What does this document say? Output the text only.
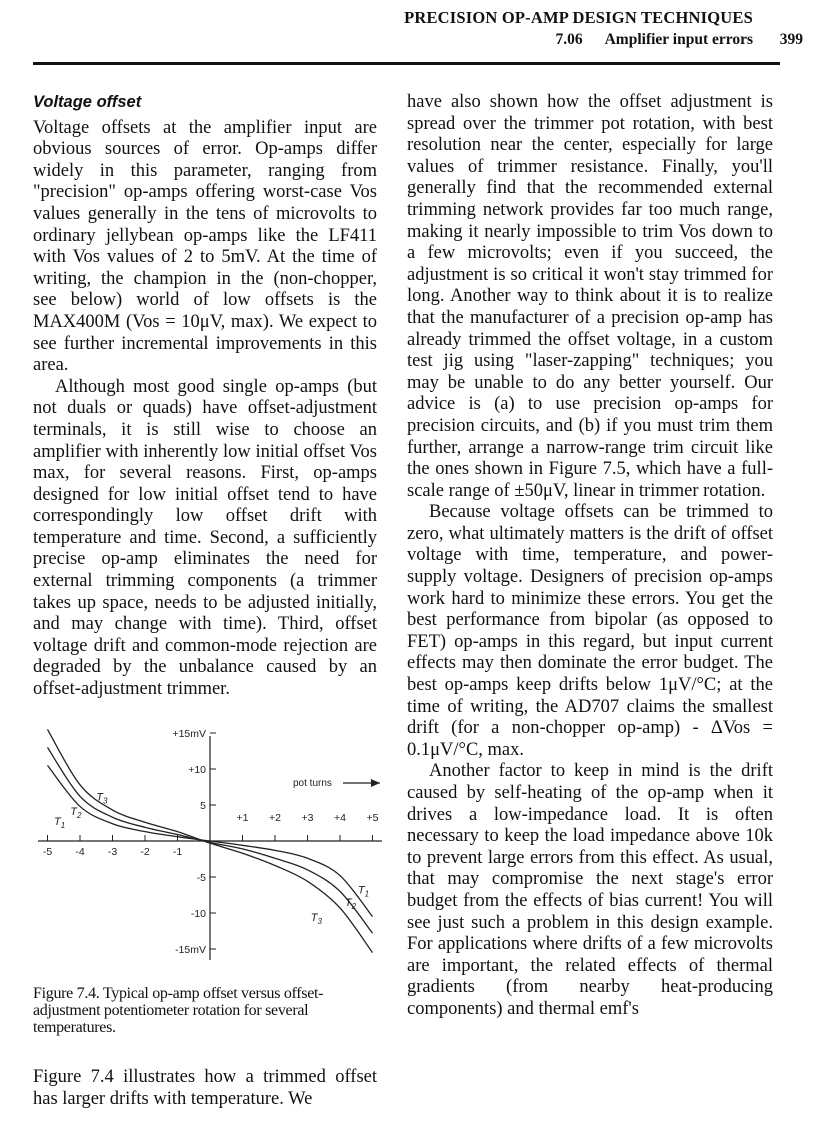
PRECISION OP-AMP DESIGN TECHNIQUES
7.06 Amplifier input errors 399

Voltage offset

Voltage offsets at the amplifier input are obvious sources of error. Op-amps differ widely in this parameter, ranging from "precision" op-amps offering worst-case Vos values generally in the tens of microvolts to ordinary jellybean op-amps like the LF411 with Vos values of 2 to 5mV. At the time of writing, the champion in the (non-chopper, see below) world of low offsets is the MAX400M (Vos = 10μV, max). We expect to see further incremental improvements in this area.

Although most good single op-amps (but not duals or quads) have offset-adjustment terminals, it is still wise to choose an amplifier with inherently low initial offset Vos max, for several reasons. First, op-amps designed for low initial offset tend to have correspondingly low offset drift with temperature and time. Second, a sufficiently precise op-amp eliminates the need for external trimming components (a trimmer takes up space, needs to be adjusted initially, and may change with time). Third, offset voltage drift and common-mode rejection are degraded by the unbalance caused by an offset-adjustment trimmer.

-5 -4 -3 -2 -1
+1 +2 +3 +4 +5
+15mV
+10
5
-5
-10
-15mV
pot turns
$T_1$
$T_1$
$T_2$
$T_2$
$T_3$
$T_3$

Figure 7.4. Typical op-amp offset versus offset-adjustment potentiometer rotation for several temperatures.

Figure 7.4 illustrates how a trimmed offset has larger drifts with temperature. We

have also shown how the offset adjustment is spread over the trimmer pot rotation, with best resolution near the center, especially for large values of trimmer resistance. Finally, you'll generally find that the recommended external trimming network provides far too much range, making it nearly impossible to trim Vos down to a few microvolts; even if you succeed, the adjustment is so critical it won't stay trimmed for long. Another way to think about it is to realize that the manufacturer of a precision op-amp has already trimmed the offset voltage, in a custom test jig using "laser-zapping" techniques; you may be unable to do any better yourself. Our advice is (a) to use precision op-amps for precision circuits, and (b) if you must trim them further, arrange a narrow-range trim circuit like the ones shown in Figure 7.5, which have a full-scale range of ±50μV, linear in trimmer rotation.

Because voltage offsets can be trimmed to zero, what ultimately matters is the drift of offset voltage with time, temperature, and power-supply voltage. Designers of precision op-amps work hard to minimize these errors. You get the best performance from bipolar (as opposed to FET) op-amps in this regard, but input current effects may then dominate the error budget. The best op-amps keep drifts below 1μV/°C; at the time of writing, the AD707 claims the smallest drift (for a non-chopper op-amp) - ΔVos = 0.1μV/°C, max.

Another factor to keep in mind is the drift caused by self-heating of the op-amp when it drives a low-impedance load. It is often necessary to keep the load impedance above 10k to prevent large errors from this effect. As usual, that may compromise the next stage's error budget from the effects of bias current! You will see just such a problem in this design example. For applications where drifts of a few microvolts are important, the related effects of thermal gradients (from nearby heat-producing components) and thermal emf's
